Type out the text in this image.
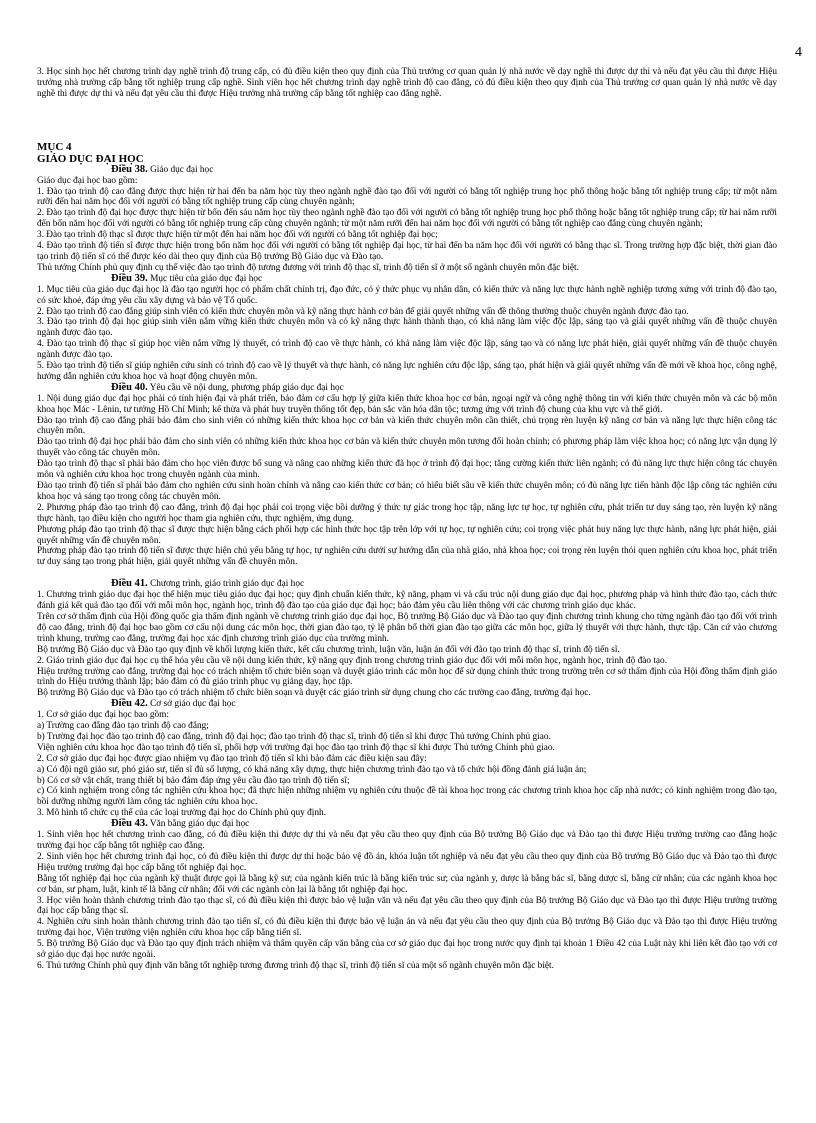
4

3. Học sinh học hết chương trình dạy nghề trình độ trung cấp, có đủ điều kiện theo quy định của Thủ trưởng cơ quan quản lý nhà nước về dạy nghề thì được dự thi và nếu đạt yêu cầu thì được Hiệu trưởng nhà trường cấp bằng tốt nghiệp trung cấp nghề. Sinh viên học hết chương trình dạy nghề trình độ cao đẳng, có đủ điều kiện theo quy định của Thủ trưởng cơ quan quản lý nhà nước về dạy nghề thì được dự thi và nếu đạt yêu cầu thì được Hiệu trưởng nhà trường cấp bằng tốt nghiệp cao đẳng nghề.

MỤC 4

GIÁO DỤC ĐẠI HỌC

Điều 38. Giáo dục đại học

Giáo dục đại học bao gồm:

1. Đào tạo trình độ cao đẳng được thực hiện từ hai đến ba năm học tùy theo ngành nghề đào tạo đối với người có bằng tốt nghiệp trung học phổ thông hoặc bằng tốt nghiệp trung cấp; từ một năm rưỡi đến hai năm học đối với người có bằng tốt nghiệp trung cấp cùng chuyên ngành;

2. Đào tạo trình độ đại học được thực hiện từ bốn đến sáu năm học tùy theo ngành nghề đào tạo đối với người có bằng tốt nghiệp trung học phổ thông hoặc bằng tốt nghiệp trung cấp; từ hai năm rưỡi đến bốn năm học đối với người có bằng tốt nghiệp trung cấp cùng chuyên ngành; từ một năm rưỡi đến hai năm học đối với người có bằng tốt nghiệp cao đẳng cùng chuyên ngành;

3. Đào tạo trình độ thạc sĩ được thực hiện từ một đến hai năm học đối với người có bằng tốt nghiệp đại học;

4. Đào tạo trình độ tiến sĩ được thực hiện trong bốn năm học đối với người có bằng tốt nghiệp đại học, từ hai đến ba năm học đối với người có bằng thạc sĩ. Trong trường hợp đặc biệt, thời gian đào tạo trình độ tiến sĩ có thể được kéo dài theo quy định của Bộ trưởng Bộ Giáo dục và Đào tạo.

Thủ tướng Chính phủ quy định cụ thể việc đào tạo trình độ tương đương với trình độ thạc sĩ, trình độ tiến sĩ ở một số ngành chuyên môn đặc biệt.

Điều 39. Mục tiêu của giáo dục đại học

1. Mục tiêu của giáo dục đại học là đào tạo người học có phẩm chất chính trị, đạo đức, có ý thức phục vụ nhân dân, có kiến thức và năng lực thực hành nghề nghiệp tương xứng với trình độ đào tạo, có sức khoẻ, đáp ứng yêu cầu xây dựng và bảo vệ Tổ quốc.

2. Đào tạo trình độ cao đẳng giúp sinh viên có kiến thức chuyên môn và kỹ năng thực hành cơ bản để giải quyết những vấn đề thông thường thuộc chuyên ngành được đào tạo.

3. Đào tạo trình độ đại học giúp sinh viên nắm vững kiến thức chuyên môn và có kỹ năng thực hành thành thạo, có khả năng làm việc độc lập, sáng tạo và giải quyết những vấn đề thuộc chuyên ngành được đào tạo.

4. Đào tạo trình độ thạc sĩ giúp học viên nắm vững lý thuyết, có trình độ cao về thực hành, có khả năng làm việc độc lập, sáng tạo và có năng lực phát hiện, giải quyết những vấn đề thuộc chuyên ngành được đào tạo.

5. Đào tạo trình độ tiến sĩ giúp nghiên cứu sinh có trình độ cao về lý thuyết và thực hành, có năng lực nghiên cứu độc lập, sáng tạo, phát hiện và giải quyết những vấn đề mới về khoa học, công nghệ, hướng dẫn nghiên cứu khoa học và hoạt động chuyên môn.

Điều 40. Yêu cầu về nội dung, phương pháp giáo dục đại học

1. Nội dung giáo dục đại học phải có tính hiện đại và phát triển, bảo đảm cơ cấu hợp lý giữa kiến thức khoa học cơ bản, ngoại ngữ và công nghệ thông tin với kiến thức chuyên môn và các bộ môn khoa học Mác - Lênin, tư tưởng Hồ Chí Minh; kế thừa và phát huy truyền thống tốt đẹp, bản sắc văn hóa dân tộc; tương ứng với trình độ chung của khu vực và thế giới.

Đào tạo trình độ cao đẳng phải bảo đảm cho sinh viên có những kiến thức khoa học cơ bản và kiến thức chuyên môn cần thiết, chú trọng rèn luyện kỹ năng cơ bản và năng lực thực hiện công tác chuyên môn.

Đào tạo trình độ đại học phải bảo đảm cho sinh viên có những kiến thức khoa học cơ bản và kiến thức chuyên môn tương đối hoàn chỉnh; có phương pháp làm việc khoa học; có năng lực vận dụng lý thuyết vào công tác chuyên môn.

Đào tạo trình độ thạc sĩ phải bảo đảm cho học viên được bổ sung và nâng cao những kiến thức đã học ở trình độ đại học; tăng cường kiến thức liên ngành; có đủ năng lực thực hiện công tác chuyên môn và nghiên cứu khoa học trong chuyên ngành của mình.

Đào tạo trình độ tiến sĩ phải bảo đảm cho nghiên cứu sinh hoàn chỉnh và nâng cao kiến thức cơ bản; có hiểu biết sâu về kiến thức chuyên môn; có đủ năng lực tiến hành độc lập công tác nghiên cứu khoa học và sáng tạo trong công tác chuyên môn.

2. Phương pháp đào tạo trình độ cao đẳng, trình độ đại học phải coi trọng việc bồi dưỡng ý thức tự giác trong học tập, năng lực tự học, tự nghiên cứu, phát triển tư duy sáng tạo, rèn luyện kỹ năng thực hành, tạo điều kiện cho người học tham gia nghiên cứu, thực nghiệm, ứng dụng.

Phương pháp đào tạo trình độ thạc sĩ được thực hiện bằng cách phối hợp các hình thức học tập trên lớp với tự học, tự nghiên cứu; coi trọng việc phát huy năng lực thực hành, năng lực phát hiện, giải quyết những vấn đề chuyên môn.

Phương pháp đào tạo trình độ tiến sĩ được thực hiện chủ yếu bằng tự học, tự nghiên cứu dưới sự hướng dẫn của nhà giáo, nhà khoa học; coi trọng rèn luyện thói quen nghiên cứu khoa học, phát triển tư duy sáng tạo trong phát hiện, giải quyết những vấn đề chuyên môn.

Điều 41. Chương trình, giáo trình giáo dục đại học

1. Chương trình giáo dục đại học thể hiện mục tiêu giáo dục đại học; quy định chuẩn kiến thức, kỹ năng, phạm vi và cấu trúc nội dung giáo dục đại học, phương pháp và hình thức đào tạo, cách thức đánh giá kết quả đào tạo đối với mỗi môn học, ngành học, trình độ đào tạo của giáo dục đại học; bảo đảm yêu cầu liên thông với các chương trình giáo dục khác.

Trên cơ sở thẩm định của Hội đồng quốc gia thẩm định ngành về chương trình giáo dục đại học, Bộ trưởng Bộ Giáo dục và Đào tạo quy định chương trình khung cho từng ngành đào tạo đối với trình độ cao đẳng, trình độ đại học bao gồm cơ cấu nội dung các môn học, thời gian đào tạo, tỷ lệ phân bổ thời gian đào tạo giữa các môn học, giữa lý thuyết với thực hành, thực tập. Căn cứ vào chương trình khung, trường cao đẳng, trường đại học xác định chương trình giáo dục của trường mình.

Bộ trưởng Bộ Giáo dục và Đào tạo quy định về khối lượng kiến thức, kết cấu chương trình, luận văn, luận án đối với đào tạo trình độ thạc sĩ, trình độ tiến sĩ.

2. Giáo trình giáo dục đại học cụ thể hóa yêu cầu về nội dung kiến thức, kỹ năng quy định trong chương trình giáo dục đối với mỗi môn học, ngành học, trình độ đào tạo.

Hiệu trưởng trường cao đẳng, trường đại học có trách nhiệm tổ chức biên soạn và duyệt giáo trình các môn học để sử dụng chính thức trong trường trên cơ sở thẩm định của Hội đồng thẩm định giáo trình do Hiệu trưởng thành lập; bảo đảm có đủ giáo trình phục vụ giảng dạy, học tập.

Bộ trưởng Bộ Giáo dục và Đào tạo có trách nhiệm tổ chức biên soạn và duyệt các giáo trình sử dụng chung cho các trường cao đẳng, trường đại học.

Điều 42. Cơ sở giáo dục đại học

1. Cơ sở giáo dục đại học bao gồm:

a) Trường cao đẳng đào tạo trình độ cao đẳng;

b) Trường đại học đào tạo trình độ cao đẳng, trình độ đại học; đào tạo trình độ thạc sĩ, trình độ tiến sĩ khi được Thủ tướng Chính phủ giao.

Viện nghiên cứu khoa học đào tạo trình độ tiến sĩ, phối hợp với trường đại học đào tạo trình độ thạc sĩ khi được Thủ tướng Chính phủ giao.

2. Cơ sở giáo dục đại học được giao nhiệm vụ đào tạo trình độ tiến sĩ khi bảo đảm các điều kiện sau đây:

a) Có đội ngũ giáo sư, phó giáo sư, tiến sĩ đủ số lượng, có khả năng xây dựng, thực hiện chương trình đào tạo và tổ chức hội đồng đánh giá luận án;

b) Có cơ sở vật chất, trang thiết bị bảo đảm đáp ứng yêu cầu đào tạo trình độ tiến sĩ;

c) Có kinh nghiệm trong công tác nghiên cứu khoa học; đã thực hiện những nhiệm vụ nghiên cứu thuộc đề tài khoa học trong các chương trình khoa học cấp nhà nước; có kinh nghiệm trong đào tạo, bồi dưỡng những người làm công tác nghiên cứu khoa học.

3. Mô hình tổ chức cụ thể của các loại trường đại học do Chính phủ quy định.

Điều 43. Văn bằng giáo dục đại học

1. Sinh viên học hết chương trình cao đẳng, có đủ điều kiện thì được dự thi và nếu đạt yêu cầu theo quy định của Bộ trưởng Bộ Giáo dục và Đào tạo thì được Hiệu trưởng trường cao đẳng hoặc trường đại học cấp bằng tốt nghiệp cao đẳng.

2. Sinh viên học hết chương trình đại học, có đủ điều kiện thì được dự thi hoặc bảo vệ đồ án, khóa luận tốt nghiệp và nếu đạt yêu cầu theo quy định của Bộ trưởng Bộ Giáo dục và Đào tạo thì được Hiệu trưởng trường đại học cấp bằng tốt nghiệp đại học.

Bằng tốt nghiệp đại học của ngành kỹ thuật được gọi là bằng kỹ sư; của ngành kiến trúc là bằng kiến trúc sư; của ngành y, dược là bằng bác sĩ, bằng dược sĩ, bằng cử nhân; của các ngành khoa học cơ bản, sư phạm, luật, kinh tế là bằng cử nhân; đối với các ngành còn lại là bằng tốt nghiệp đại học.

3. Học viên hoàn thành chương trình đào tạo thạc sĩ, có đủ điều kiện thì được bảo vệ luận văn và nếu đạt yêu cầu theo quy định của Bộ trưởng Bộ Giáo dục và Đào tạo thì được Hiệu trưởng trường đại học cấp bằng thạc sĩ.

4. Nghiên cứu sinh hoàn thành chương trình đào tạo tiến sĩ, có đủ điều kiện thì được bảo vệ luận án và nếu đạt yêu cầu theo quy định của Bộ trưởng Bộ Giáo dục và Đào tạo thì được Hiệu trưởng trường đại học, Viện trưởng viện nghiên cứu khoa học cấp bằng tiến sĩ.

5. Bộ trưởng Bộ Giáo dục và Đào tạo quy định trách nhiệm và thẩm quyền cấp văn bằng của cơ sở giáo dục đại học trong nước quy định tại khoản 1 Điều 42 của Luật này khi liên kết đào tạo với cơ sở giáo dục đại học nước ngoài.

6. Thủ tướng Chính phủ quy định văn bằng tốt nghiệp tương đương trình độ thạc sĩ, trình độ tiến sĩ của một số ngành chuyên môn đặc biệt.
